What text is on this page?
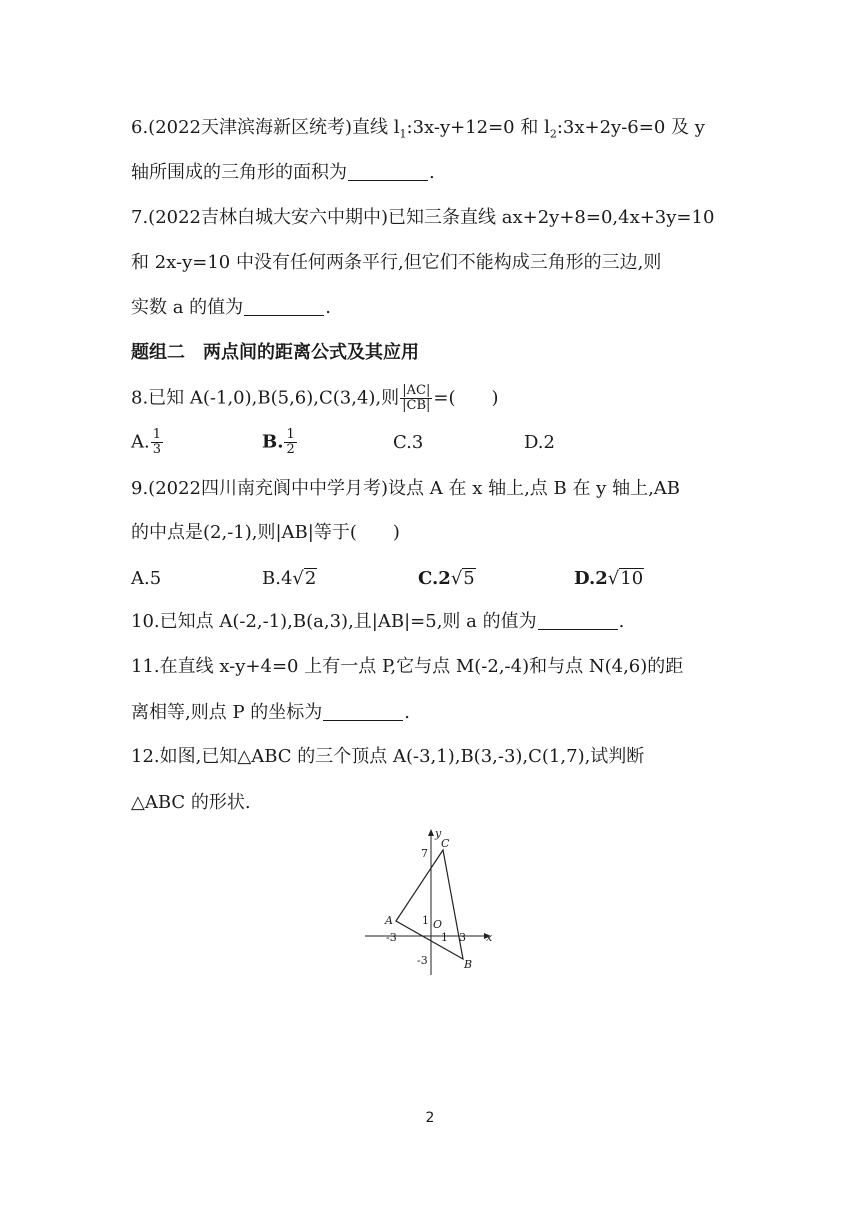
6.(2022天津滨海新区统考)直线 $l_1:3x-y+12=0$ 和 $l_2:3x+2y-6=0$ 及 y
轴所围成的三角形的面积为	.
7.(2022吉林白城大安六中期中)已知三条直线 ax+2y+8=0,4x+3y=10
和 2x-y=10 中没有任何两条平行,但它们不能构成三角形的三边,则
实数 a 的值为	.
题组二　两点间的距离公式及其应用
8.已知 A(-1,0),B(5,6),C(3,4),则 $\frac{|AC|}{|CB|}$ =(　　)
A. $\frac{1}{3}$	B. $\frac{1}{2}$	C.3	D.2
9.(2022四川南充阆中中学月考)设点 A 在 x 轴上,点 B 在 y 轴上,AB
的中点是(2,-1),则|AB|等于(　　)
A.5	B.4√2	C.2√5	D.2√10
10.已知点 A(-2,-1),B(a,3),且|AB|=5,则 a 的值为	.
11.在直线 x-y+4=0 上有一点 P,它与点 M(-2,-4)和与点 N(4,6)的距
离相等,则点 P 的坐标为	.
12.如图,已知△ABC 的三个顶点 A(-3,1),B(3,-3),C(1,7),试判断
△ABC 的形状.
y
x
C
A
B
O
7
1
-3	1 3
-3
2
